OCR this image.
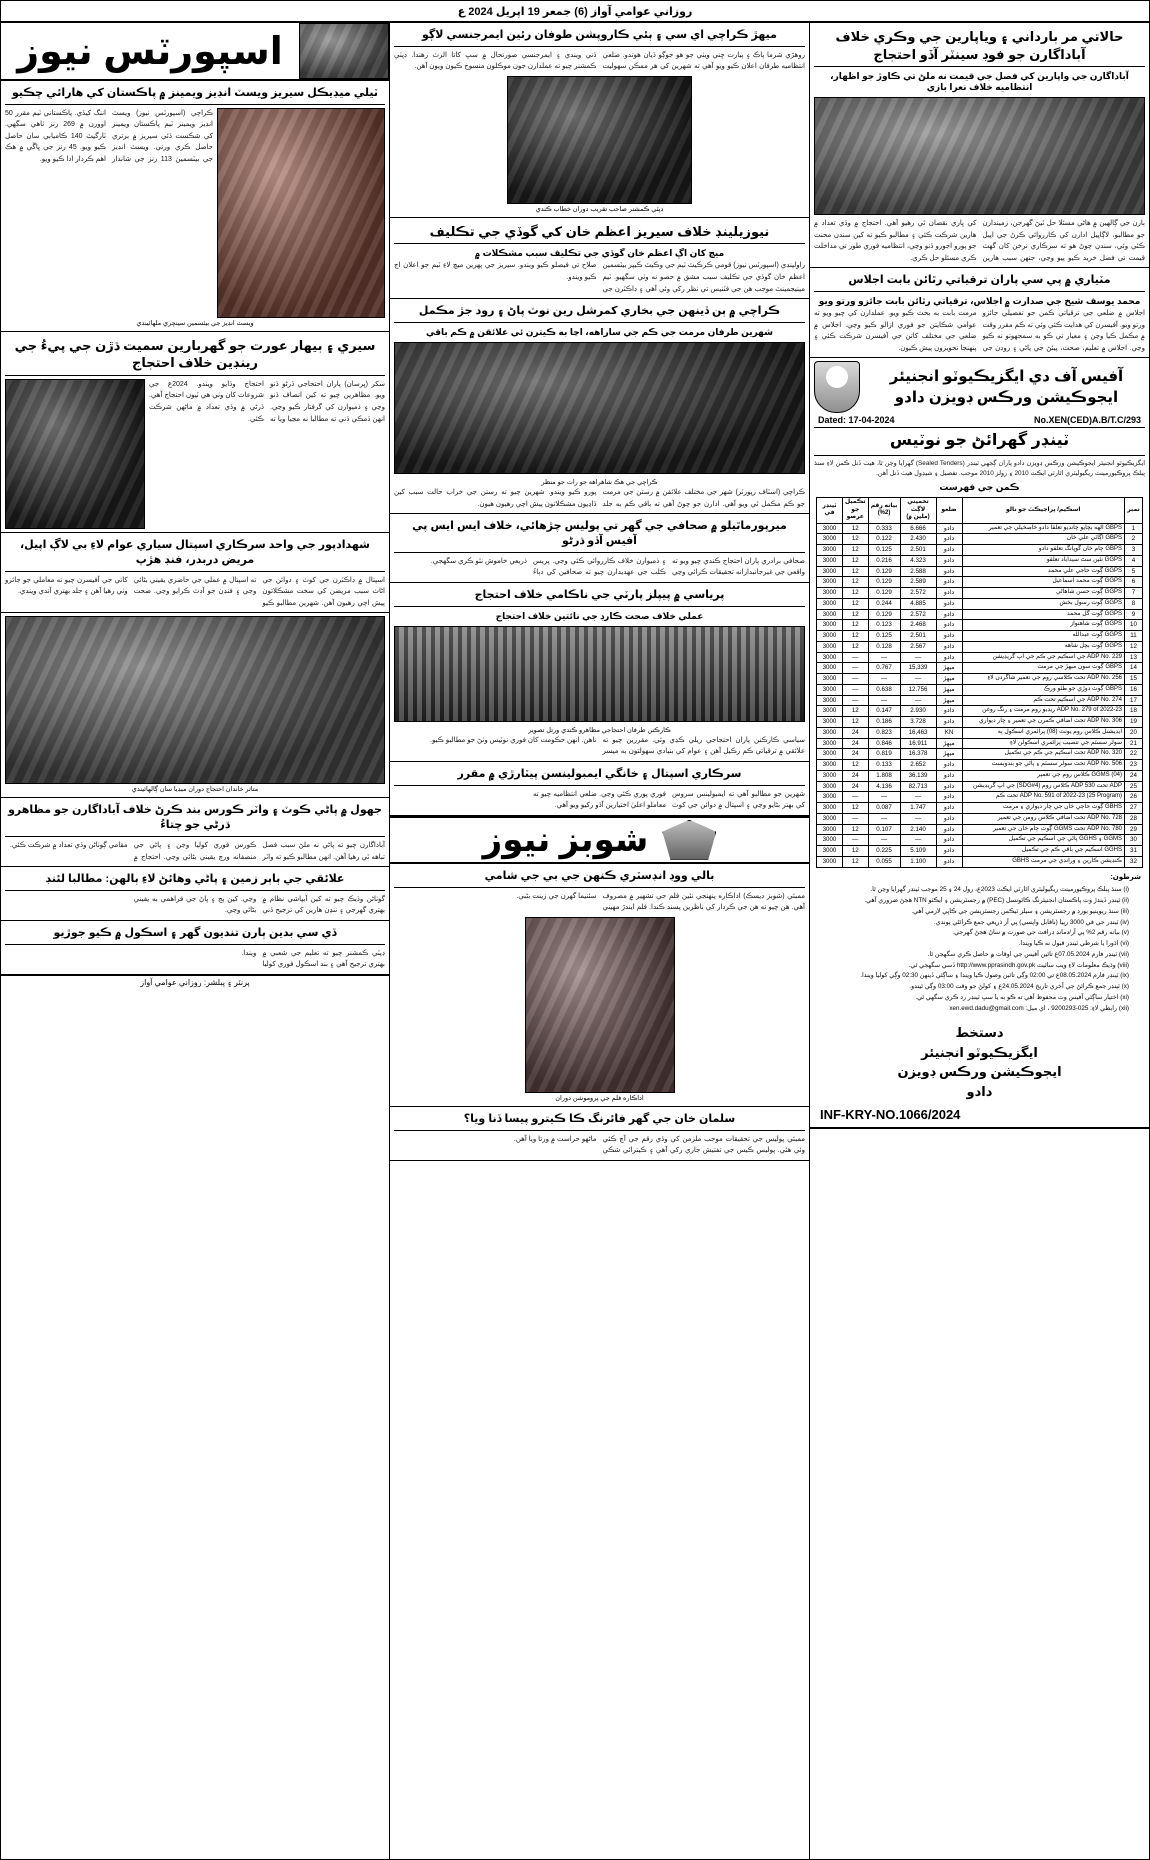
روزاني عوامي آواز (6) جمعر 19 اپريل 2024 ع
حالاتي مر بارداني ۽ وياپارين جي وڪري خلاف آباداگارن جو فوڊ سينٽر آڏو احتجاج
آباداگارن جي واپارين کي فصل جي قيمت نه ملڻ تي ڪاوڙ جو اظهار، انتظاميه خلاف نعرا بازي
ٻارن جي ڳالهين ۾ هاڻي مسئلا حل ٿيڻ گهرجن، زميندارن جو مطالبو، لاڳاپيل ادارن کي ڪارروائي ڪرڻ جي اپيل ڪئي وئي، سندن چوڻ هو ته سرڪاري نرخن کان گهٽ قيمت تي فصل خريد ڪيو پيو وڃي، جنهن سبب هارين کي ڀاري نقصان ٿي رهيو آهي. احتجاج ۾ وڏي تعداد ۾ هارين شرڪت ڪئي ۽ مطالبو ڪيو ته کين سندن محنت جو پورو اجورو ڏنو وڃي، انتظاميه فوري طور تي مداخلت ڪري مسئلو حل ڪري.
مٽياري ۾ پي سي پاران ترقياتي رٿائن بابت اجلاس
محمد يوسف شيخ جي صدارت ۾ اجلاس، ترقياتي رٿائن بابت جائزو ورتو ويو
اجلاس ۾ ضلعي جي ترقياتي ڪمن جو تفصيلي جائزو ورتو ويو. آفيسرن کي هدايت ڪئي وئي ته ڪم مقرر وقت ۾ مڪمل ڪيا وڃن ۽ معيار تي ڪو به سمجهوتو نه ڪيو وڃي. اجلاس ۾ تعليم، صحت، پيئڻ جي پاڻي ۽ روڊن جي مرمت بابت به بحث ڪيو ويو. عملدارن کي چيو ويو ته عوامي شڪايتن جو فوري ازالو ڪيو وڃي. اجلاس ۾ ضلعي جي مختلف کاتن جي آفيسرن شرڪت ڪئي ۽ پنهنجا تجويزون پيش ڪيون.
آفيس آف دي ايگزيڪيوٽو انجنيئر
ايجوڪيشن ورڪس ڊويزن دادو
No.XEN(CED)A.B/T.C/293
Dated: 17-04-2024
ٽينڊر گهرائڻ جو نوٽيس
ايگزيڪيوٽو انجنيئر ايجوڪيشن ورڪس ڊويزن دادو پاران ڳجهي ٽينڊر (Sealed Tenders) گهرايا وڃن ٿا، هيٺ ڏنل ڪمن لاءِ سنڌ پبلڪ پروڪيورمينٽ ريگيوليٽري اٿارٽي ايڪٽ 2010 ۽ رولز 2010 موجب. تفصيل ۽ شيڊول هيٺ ڏنل آهن.
ڪمن جي فهرست
نمبر	اسڪيم/ پراجيڪٽ جو نالو	ضلعو	تخميني لاڳت (ملين ۾)	بيانه رقم (2%)	تڪميل جو عرصو	ٽينڊر في
1	GBPS الهه بچايو چانڊيو تعلقا دادو خاصخيلي جي تعمير	دادو	6.666	0.333	12	3000
2	GBPS آڳاٽي علي خان	دادو	2.430	0.122	12	3000
3	GBPS ڄام خان گوپانگ تعلقو دادو	دادو	2.501	0.125	12	3000
4	GGPS نئين سٿ سيدآباد تعلقو	دادو	4.323	0.216	12	3000
5	GGPS ڳوٺ حاجي علي محمد	دادو	2.588	0.129	12	3000
6	GGPS ڳوٺ محمد اسماعيل	دادو	2.589	0.129	12	3000
7	GGPS ڳوٺ حسن شاهاڻي	دادو	2.572	0.129	12	3000
8	GGPS ڳوٺ رسول بخش	دادو	4.885	0.244	12	3000
9	GGPS ڳوٺ گل محمد	دادو	2.572	0.129	12	3000
10	GGPS ڳوٺ شاهنواز	دادو	2.468	0.123	12	3000
11	GGPS ڳوٺ عبدالله	دادو	2.501	0.125	12	3000
12	GGPS ڳوٺ بچل شاهه	دادو	2.567	0.128	12	3000
13	ADP No. 229 جي اسڪيم جي ڪم جي اپ گريڊيشن	دادو	—	—	—	3000
14	GBPS ڳوٺ سون ميهڙ جي مرمت	ميهڙ	15,339	0.767	—	3000
15	ADP No. 256 تحت ڪلاسي روم جي تعمير شاگردن لاءِ	ميهڙ	—	—	—	3000
16	GBPS ڳوٺ دوڙي جو طئو ورڪ	ميهڙ	12.756	0.638	—	3000
17	ADP No. 274 جي اسڪيم تحت ڪم	ميهڙ	—	—	—	3000
18	ADP No. 279 of 2022-23 ريڊيو روم مرمت ۽ رنگ روغن	دادو	2.930	0.147	12	3000
19	ADP No. 306 تحت اضافي ڪمرن جي تعمير ۽ چار ديواري	دادو	3.728	0.186	12	3000
20	ايڊيشنل ڪلاس روم يونٽ (08) پرائمري اسڪول ٻه	KN	16,463	0.823	24	3000
21	سولر سسٽم جي تنصيب پرائمري اسڪولن لاءِ	ميهڙ	16.911	0.846	24	3000
22	ADP No. 320 تحت اسڪيم جي ڪم جي تڪميل	ميهڙ	16.378	0.819	24	3000
23	ADP No. 506 تحت سولر سسٽم ۽ پاڻي جو بندوبست	دادو	2.652	0.133	12	3000
24	GGMS (04) ڪلاس روم جي تعمير	دادو	36.139	1.808	24	3000
25	ADP تحت ADP 530 ڪلاس روم (SDG#4) جي اپ گريڊيشن	دادو	82.713	4.136	24	3000
26	ADP No. 591 of 2022-23 (25 Program) تحت ڪم	دادو	—	—	—	3000
27	GBHS ڳوٺ حاجي خان جي چار ديواري ۽ مرمت	دادو	1.747	0.087	12	3000
28	ADP No. 728 تحت اضافي ڪلاس رومن جي تعمير	دادو	—	—	—	3000
29	ADP No. 780 تحت GGMS ڳوٺ ڄام خان جي تعمير	دادو	2.140	0.107	12	3000
30	GGMS ۽ GGHS پاڻي جي اسڪيم جي تڪميل	دادو	—	—	—	3000
31	GGHS اسڪيم جي باقي ڪم جي تڪميل	دادو	5.109	0.225	12	3000
32	ڪنڊيشن ڪارين ۽ ورانڊي جي مرمت GBHS	دادو	1.100	0.055	12	3000
شرطون:
(i) سنڌ پبلڪ پروڪيورمينٽ ريگيوليٽري اٿارٽي ايڪٽ 2023ع، رول 24 ۽ 25 موجب ٽينڊر گهرايا وڃن ٿا.
(ii) ٽينڊر ڏيندڙ وٽ پاڪستان انجنيئرنگ ڪائونسل (PEC) ۾ رجسٽريشن ۽ ايڪٽو NTN هجڻ ضروري آهي.
(iii) سنڌ ريوينيو بورڊ ۾ رجسٽريشن ۽ سيلز ٽيڪس رجسٽريشن جي ڪاپي لازمي آهي.
(iv) ٽينڊر جي في 3000 رپيا (ناقابل واپسي) پي آر ذريعي جمع ڪرائڻي پوندي.
(v) بيانه رقم 2% پي آر/ڊمانڊ ڊرافٽ جي صورت ۾ ساڻ هجڻ گهرجي.
(vi) اڌورا يا شرطي ٽينڊر قبول نه ڪيا ويندا.
(vii) ٽينڊر فارم 07.05.2024ع تائين آفيس جي اوقات ۾ حاصل ڪري سگهجن ٿا.
(viii) وڌيڪ معلومات لاءِ ويب سائيٽ http://www.pprasindh.gov.pk ڏسي سگهجي ٿي.
(ix) ٽينڊر فارم 08.05.2024ع تي 02:00 وڳي تائين وصول ڪيا ويندا ۽ ساڳئي ڏينهن 02:30 وڳي کوليا ويندا.
(x) ٽينڊر جمع ڪرائڻ جي آخري تاريخ 24.05.2024ع ۽ کولڻ جو وقت 03:00 وڳي ٿيندو.
(xi) اختيار ساڳئي آفيس وٽ محفوظ آهي ته ڪو به يا سڀ ٽينڊر رد ڪري سگهي ٿي.
(xii) رابطي لاءِ: 025-9200293 ، اي ميل: xen.ewd.dadu@gmail.com
دستخط
ايگزيڪيوٽو انجنيئر
ايجوڪيشن ورڪس ڊويزن
دادو
INF-KRY-NO.1066/2024
ميهڙ ڪراچي اي سي ۽ ٻئي ڪاروپشن طوفان رئين ايمرجنسي لاڳو
روهڙي شرما پاڪ ۽ ٻيارت ڇني ويٺي جو هو جوڳو ڌيان هوندو. ضلعي انتظاميه طرفان اعلان ڪيو ويو آهي ته شهرين کي هر ممڪن سهوليت ڏني ويندي ۽ ايمرجنسي صورتحال ۾ سڀ کاتا الرٽ رهندا. ڊپٽي ڪمشنر چيو ته عملدارن جون موڪلون منسوخ ڪيون ويون آهن.
ڊپٽي ڪمشنر صاحب تقريب دوران خطاب ڪندي
نيوزيلينڊ خلاف سيريز اعظم خان کي گوڏي جي تڪليف
ميچ کان اڳ اعظم خان گوڏي جي تڪليف سبب مشڪلات ۾
راولپنڊي (اسپورٽس نيوز) قومي ڪرڪيٽ ٽيم جي وڪيٽ ڪيپر بيٽسمين اعظم خان گوڏي جي تڪليف سبب مشق ۾ حصو نه وٺي سگهيو. ٽيم مينيجمينٽ موجب هن جي فٽنيس تي نظر رکي وئي آهي ۽ ڊاڪٽرن جي صلاح تي فيصلو ڪيو ويندو. سيريز جي پهرين ميچ لاءِ ٽيم جو اعلان اڄ ڪيو ويندو.
ڪراچي ۾ ٻن ڏينهن جي بخاري کمرشل رين نوٽ پاڻ ۽ رود جڙ مڪمل
شهرين طرفان مرمت جي ڪم جي ساراهه، اڃا به ڪيترن ئي علائقن ۾ ڪم باقي
ڪراچي جي هڪ شاهراهه جو رات جو منظر
ڪراچي (اسٽاف رپورٽر) شهر جي مختلف علائقن ۾ رستن جي مرمت جو ڪم مڪمل ٿي ويو آهي. ادارن جو چوڻ آهي ته باقي ڪم به جلد پورو ڪيو ويندو. شهرين چيو ته رستن جي خراب حالت سبب کين ڏاڍيون مشڪلاتون پيش اچي رهيون هيون.
ميرپورماٿيلو ۾ صحافي جي گهر تي پوليس چڙهائي، خلاف ايس ايس پي آفيس آڏو ڌرڻو
صحافي برادري پاران احتجاج ڪندي چيو ويو ته واقعي جي غيرجانبدارانه تحقيقات ڪرائي وڃي ۽ ذميوارن خلاف ڪارروائي ڪئي وڃي. پريس ڪلب جي عهديدارن چيو ته صحافين کي دٻاءُ ذريعي خاموش نٿو ڪري سگهجي.
پرياسي ۾ پيپلز پارٽي جي ناڪامي خلاف احتجاج
عملي خلاف صحت ڪارڊ جي نائتين خلاف احتجاج
ڪارڪنن طرفان احتجاجي مظاهرو ڪندي ورتل تصوير
سياسي ڪارڪنن پاران احتجاجي ريلي ڪڍي وئي. مقررين چيو ته علائقي ۾ ترقياتي ڪم رڪيل آهن ۽ عوام کي بنيادي سهولتون به ميسر ناهن. انهن حڪومت کان فوري نوٽيس وٺڻ جو مطالبو ڪيو.
سرڪاري اسپتال ۽ خانگي ايمبولينسن پيٽارڙي ۾ مقرر
شهرين جو مطالبو آهي ته ايمبولينس سروس کي بهتر بڻايو وڃي ۽ اسپتال ۾ دوائن جي کوٽ فوري پوري ڪئي وڃي. ضلعي انتظاميه چيو ته معاملو اعليٰ اختيارين آڏو رکيو ويو آهي.
شوبز نيوز
بالي ووڊ انڊسٽري ڪنهن جي بي جي شامي
ممبئي (شوبز ڊيسڪ) اداڪاره پنهنجي نئين فلم جي تشهير ۾ مصروف آهي. هن چيو ته هن جي ڪردار کي ناظرين پسند ڪندا. فلم ايندڙ مهيني سئنيما گهرن جي زينت بڻبي.
اداڪاره فلم جي پروموشن دوران
سلمان خان جي گهر فائرنگ ڪا ڪيترو پيسا ڏنا ويا؟
ممبئي پوليس جي تحقيقات موجب ملزمن کي وڏي رقم جي آڇ ڪئي وئي هئي. پوليس ڪيس جي تفتيش جاري رکي آهي ۽ ڪيترائي شڪي ماڻهو حراست ۾ ورتا ويا آهن.
اسپورٽس نيوز
ٽيلي ميڊيڪل سيريز ويسٽ انڊيز ويمينز ۾ پاڪستان کي هارائي چڪيو
ڪراچي (اسپورٽس نيوز) ويسٽ انڊيز ويمينز ٽيم پاڪستان ويمينز کي شڪست ڏئي سيريز ۾ برتري حاصل ڪري ورتي. ويسٽ انڊيز جي بيٽسمين 113 رنز جي شاندار اننگ کيڏي. پاڪستاني ٽيم مقرر 50 اوورن ۾ 269 رنز ٺاهي سگهي. ٽارگيٽ 140 ڪاميابي سان حاصل ڪيو ويو. 45 رنز جي ڀاڱي ۾ هڪ اهم ڪردار ادا ڪيو ويو.
ويسٽ انڊيز جي بيٽسمين سينچري ملهائيندي
سيري ۽ بيهار عورت جو گهربارين سميت ڌڙن جي پيءُ جي رينڊين خلاف احتجاج
سکر (ڀرسان) پاران احتجاجي ڌرڻو ڏنو ويو. مظاهرين چيو ته کين انصاف ڏنو وڃي ۽ ذميوارن کي گرفتار ڪيو وڃي. انهن ڌمڪي ڏني ته مطالبا نه مڃيا ويا ته احتجاج وڌايو ويندو. 2024ع جي شروعات کان وٺي هي ٽيون احتجاج آهي. ڌرڻي ۾ وڏي تعداد ۾ ماڻهن شرڪت ڪئي.
شهدادپور جي واحد سرڪاري اسپتال سياري عوام لاءِ بي لاڳ اپيل، مريض دربدر، فنڊ هڙپ
اسپتال ۾ ڊاڪٽرن جي کوٽ ۽ دوائن جي اڻاٺ سبب مريضن کي سخت مشڪلاتون پيش اچي رهيون آهن. شهرين مطالبو ڪيو ته اسپتال ۾ عملي جي حاضري يقيني بڻائي وڃي ۽ فنڊن جو آڊٽ ڪرايو وڃي. صحت کاتي جي آفيسرن چيو ته معاملي جو جائزو وٺي رهيا آهن ۽ جلد بهتري آندي ويندي.
متاثر خاندان احتجاج دوران ميڊيا سان ڳالهائيندي
جهول ۾ پاڻي ڪوٽ ۽ واٽر ڪورس بند ڪرڻ خلاف آباداگارن جو مظاهرو ڌرڻي جو چتاءُ
آباداگارن چيو ته پاڻي نه ملڻ سبب فصل تباهه ٿي رهيا آهن. انهن مطالبو ڪيو ته واٽر ڪورس فوري کوليا وڃن ۽ پاڻي جي منصفانه ورڇ يقيني بڻائي وڃي. احتجاج ۾ مقامي ڳوٺاڻن وڏي تعداد ۾ شرڪت ڪئي.
علائقي جي ٻاٻر زمين ۽ پاڻي وهائڻ لاءِ ٻالهن: مطالبا لئنڊ
گوٺاڻن وڌيڪ چيو ته کين آبپاشي نظام ۾ بهتري گهرجي ۽ ننڍن هارين کي ترجيح ڏني وڃي. کين ٻج ۽ ڀاڻ جي فراهمي به يقيني بڻائي وڃي.
ڏي سي بدين ٻارن تنديون گهر ۽ اسڪول ۾ ڪيو جوڙيو
ڊپٽي ڪمشنر چيو ته تعليم جي شعبي ۾ بهتري ترجيح آهي ۽ بند اسڪول فوري کوليا ويندا.
پرنٽر ۽ پبلشر: روزاني عوامي آواز
